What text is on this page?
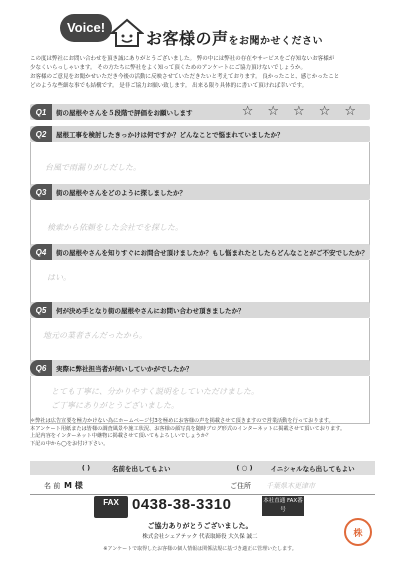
Voice!
お客様の声をお聞かせください
この度は弊社にお問い合わせを頂き誠にありがとうございました。 弊の中には弊社の存在やサービスをご存知ないお客様が
少なくいらっしゃいます。 その方たちに弊社をよく知って頂くためのアンケートにご協力頂けないでしょうか。
お客様のご意見をお聞かせいただき今後の活動に反映させていただきたいと考えております。 良かったこと、感じかったこと
どのような些細な事でも結構です。 是非ご協力お願い致します。 出来る限り具体的に書いて頂ければ幸いです。
Q1	街の屋根やさんを５段階で評価をお願いします	☆ ☆ ☆ ☆ ☆
Q2	屋根工事を検討したきっかけは何ですか？どんなことで悩まれていましたか？
台風で雨漏りがしだした。
Q3	街の屋根やさんをどのように探しましたか？
検索から依頼をした会社でを探した。
Q4	街の屋根やさんを知りすぐにお問合せ頂けましたか？もし悩まれたとしたらどんなことがご不安でしたか？
はい。
Q5	何が決め手となり街の屋根やさんにお問い合わせ頂きましたか？
地元の業者さんだったから。
Q6	実際に弊社担当者が伺いしていかがでしたか？
とても丁寧に、分かりやすく説明をしていただけました。
ご丁寧にありがとうございました。
＊弊社は広告宣要を極力かけない為にホームページ付3を極めにお客様の声を掲載させて頂きますので営業活動を行っております。
本アンケート用紙または皆様の調査風景や施工状況、お客様の顔写真を随時ブログ形式のインターネットに掲載させて頂いております。
上記内容をインターネット中継物に掲載させて頂いてもよろしいでしょうか？
下記の中から◯をお付け下さい。
( )	名前を出してもよい	( ○ )	イニシャルなら出してもよい
名 前 M 様	ご住所 千葉県木更津市
FAX 0438-38-3310	本社直通 FAX番号
ご協力ありがとうございました。
株式会社シェアテック 代表取締役 大久保 誠二
※アンケートで取得したお客様の個人情報は関係法規に基づき適正に管理いたします。
株
